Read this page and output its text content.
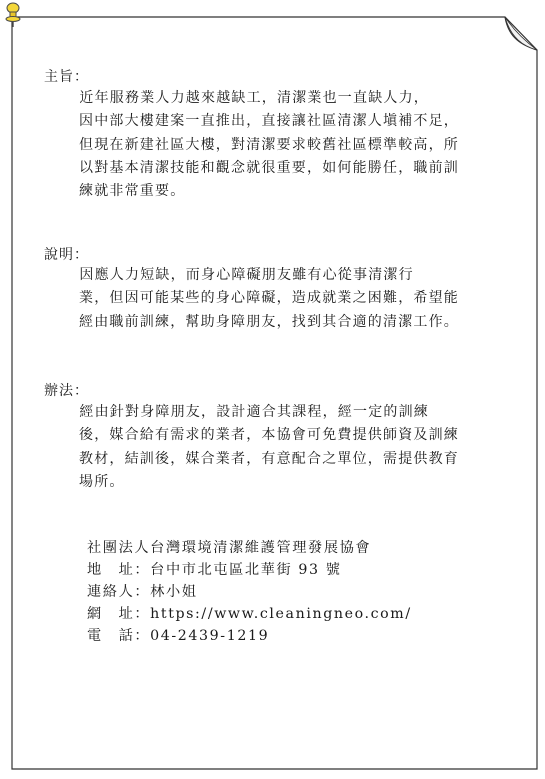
主旨：
　　近年服務業人力越來越缺工，清潔業也一直缺人力，
因中部大樓建案一直推出，直接讓社區清潔人塡補不足，
但現在新建社區大樓，對清潔要求較舊社區標準較高，所
以對基本清潔技能和觀念就很重要，如何能勝任，職前訓
練就非常重要。
說明：
　　因應人力短缺，而身心障礙朋友雖有心從事清潔行
業，但因可能某些的身心障礙，造成就業之困難，希望能
經由職前訓練，幫助身障朋友，找到其合適的清潔工作。
辦法：
　　經由針對身障朋友，設計適合其課程，經一定的訓練
後，媒合給有需求的業者，本協會可免費提供師資及訓練
教材，結訓後，媒合業者，有意配合之單位，需提供教育
場所。
社團法人台灣環境清潔維護管理發展協會
地　址：台中市北屯區北華街 93 號
連絡人：林小姐
網　址：https://www.cleaningneo.com/
電　話：04-2439-1219
